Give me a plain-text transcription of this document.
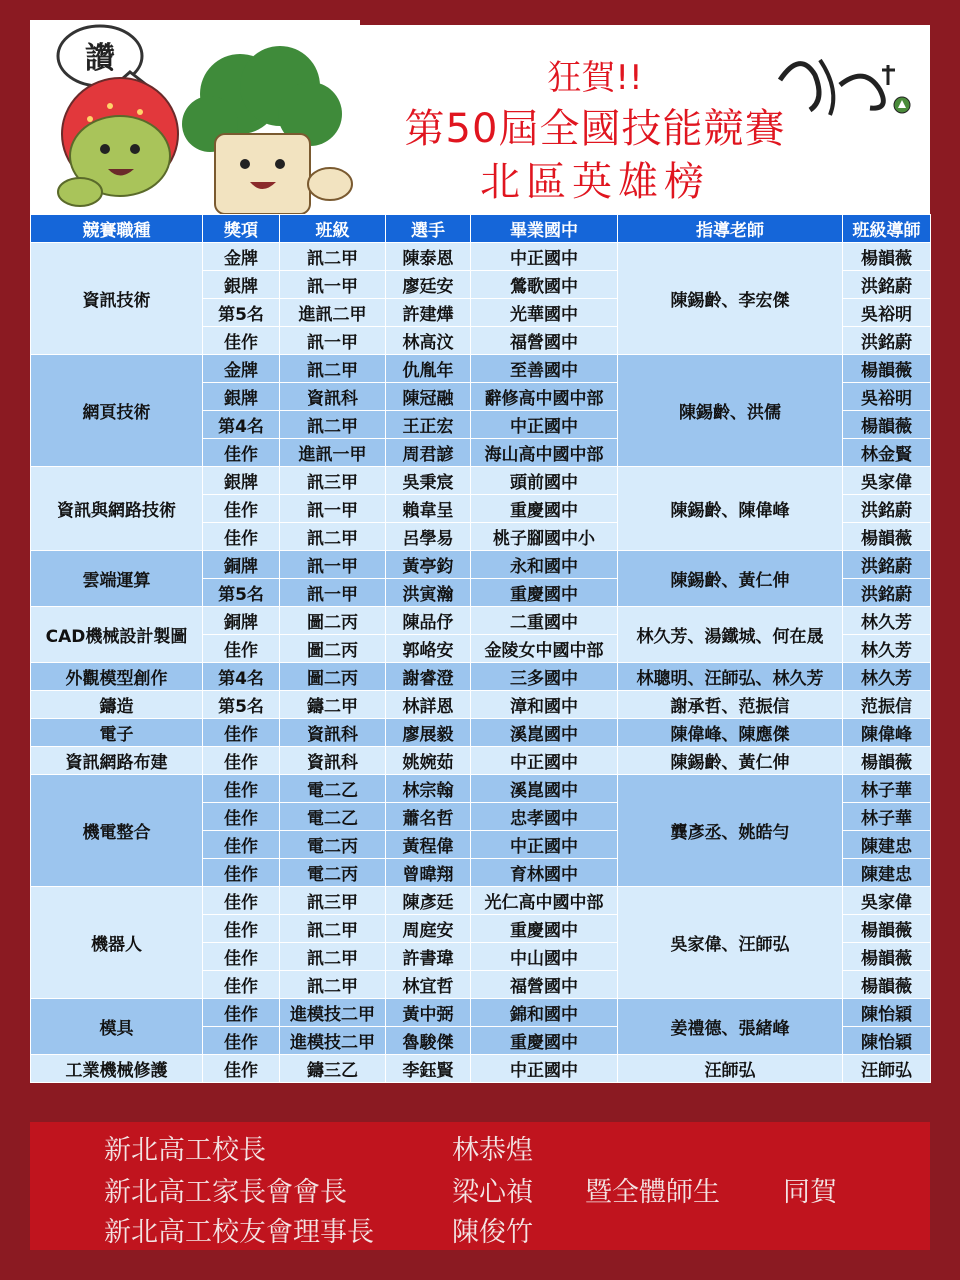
讚	狂賀!!
第50屆全國技能競賽
北區英雄榜
競賽職種	獎項	班級	選手	畢業國中	指導老師	班級導師
資訊技術	金牌	訊二甲	陳泰恩	中正國中	陳錫齡、李宏傑	楊韻薇
	銀牌	訊一甲	廖廷安	鶯歌國中		洪銘蔚
	第5名	進訊二甲	許建燁	光華國中		吳裕明
	佳作	訊一甲	林高汶	福營國中		洪銘蔚
網頁技術	金牌	訊二甲	仇胤年	至善國中	陳錫齡、洪儒	楊韻薇
	銀牌	資訊科	陳冠融	辭修高中國中部		吳裕明
	第4名	訊二甲	王正宏	中正國中		楊韻薇
	佳作	進訊一甲	周君諺	海山高中國中部		林金賢
資訊與網路技術	銀牌	訊三甲	吳秉宸	頭前國中	陳錫齡、陳偉峰	吳家偉
	佳作	訊一甲	賴韋呈	重慶國中		洪銘蔚
	佳作	訊二甲	呂學易	桃子腳國中小		楊韻薇
雲端運算	銅牌	訊一甲	黃亭鈞	永和國中	陳錫齡、黃仁伸	洪銘蔚
	第5名	訊一甲	洪寅瀚	重慶國中		洪銘蔚
CAD機械設計製圖	銅牌	圖二丙	陳品伃	二重國中	林久芳、湯鐵城、何在晟	林久芳
	佳作	圖二丙	郭峈安	金陵女中國中部		林久芳
外觀模型創作	第4名	圖二丙	謝睿澄	三多國中	林聰明、汪師弘、林久芳	林久芳
鑄造	第5名	鑄二甲	林詳恩	漳和國中	謝承哲、范振信	范振信
電子	佳作	資訊科	廖展毅	溪崑國中	陳偉峰、陳應傑	陳偉峰
資訊網路布建	佳作	資訊科	姚婉茹	中正國中	陳錫齡、黃仁伸	楊韻薇
機電整合	佳作	電二乙	林宗翰	溪崑國中	龔彥丞、姚皓勻	林子華
	佳作	電二乙	蕭名哲	忠孝國中		林子華
	佳作	電二丙	黃程偉	中正國中		陳建忠
	佳作	電二丙	曾暐翔	育林國中		陳建忠
機器人	佳作	訊三甲	陳彥廷	光仁高中國中部	吳家偉、汪師弘	吳家偉
	佳作	訊二甲	周庭安	重慶國中		楊韻薇
	佳作	訊二甲	許書瑋	中山國中		楊韻薇
	佳作	訊二甲	林宜哲	福營國中		楊韻薇
模具	佳作	進模技二甲	黃中弼	錦和國中	姜禮德、張緒峰	陳怡穎
	佳作	進模技二甲	魯駿傑	重慶國中		陳怡穎
工業機械修護	佳作	鑄三乙	李鈺賢	中正國中	汪師弘	汪師弘
新北高工校長	林恭煌
新北高工家長會會長	梁心禎 暨全體師生 同賀
新北高工校友會理事長	陳俊竹
